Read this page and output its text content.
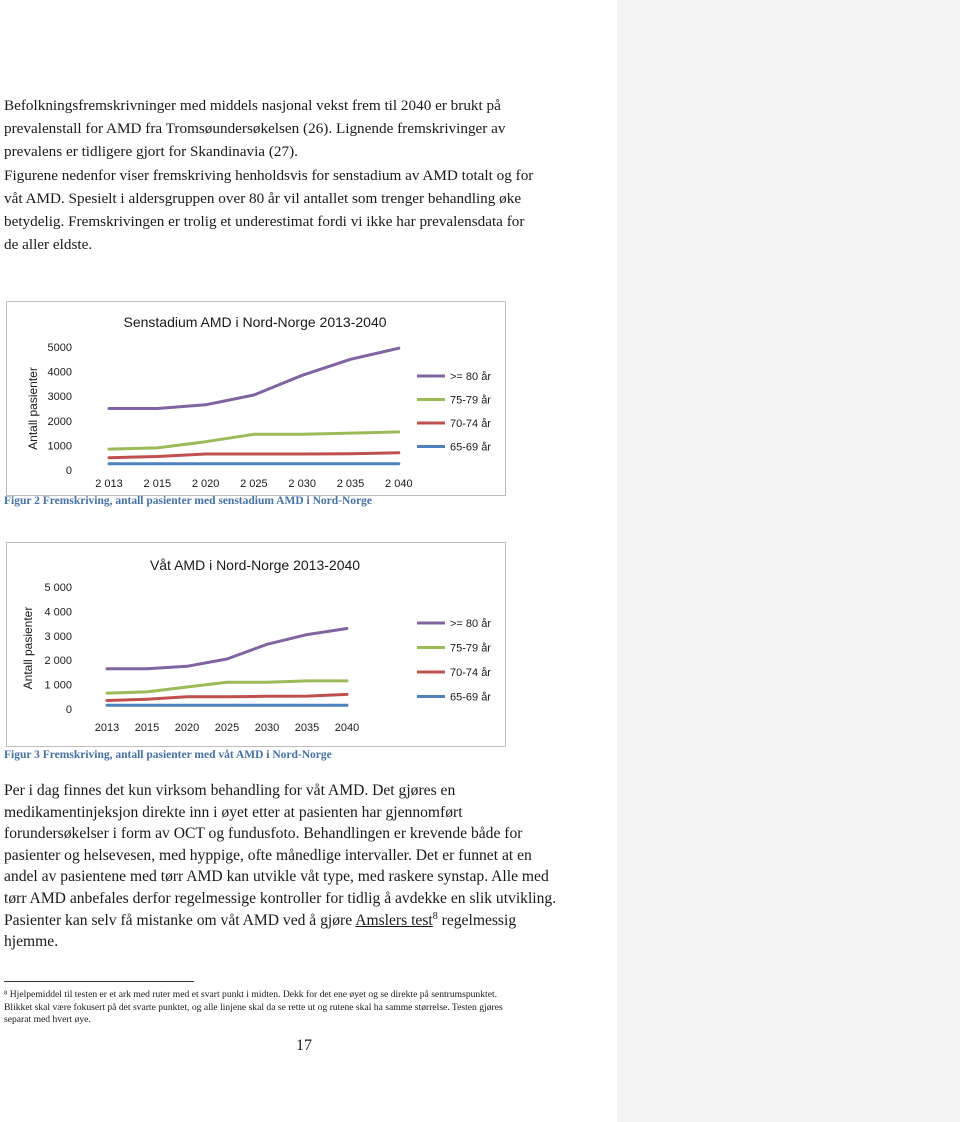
Befolkningsfremskrivninger med middels nasjonal vekst frem til 2040 er brukt på
prevalenstall for AMD fra Tromsøundersøkelsen (26). Lignende fremskrivinger av
prevalens er tidligere gjort for Skandinavia (27).
Figurene nedenfor viser fremskriving henholdsvis for senstadium av AMD totalt og for
våt AMD. Spesielt i aldersgruppen over 80 år vil antallet som trenger behandling øke
betydelig. Fremskrivingen er trolig et underestimat fordi vi ikke har prevalensdata for
de aller eldste.
Senstadium AMD i Nord-Norge 2013-2040
Antall pasienter
0
1000
2000
3000
4000
5000
2 013 2 015 2 020 2 025 2 030 2 035 2 040
>= 80 år
75-79 år
70-74 år
65-69 år
Figur 2 Fremskriving, antall pasienter med senstadium AMD i Nord-Norge
Våt AMD i Nord-Norge 2013-2040
Antall pasienter
0
1 000
2 000
3 000
4 000
5 000
2013 2015 2020 2025 2030 2035 2040
>= 80 år
75-79 år
70-74 år
65-69 år
Figur 3 Fremskriving, antall pasienter med våt AMD i Nord-Norge
Per i dag finnes det kun virksom behandling for våt AMD. Det gjøres en
medikamentinjeksjon direkte inn i øyet etter at pasienten har gjennomført
forundersøkelser i form av OCT og fundusfoto. Behandlingen er krevende både for
pasienter og helsevesen, med hyppige, ofte månedlige intervaller. Det er funnet at en
andel av pasientene med tørr AMD kan utvikle våt type, med raskere synstap. Alle med
tørr AMD anbefales derfor regelmessige kontroller for tidlig å avdekke en slik utvikling.
Pasienter kan selv få mistanke om våt AMD ved å gjøre Amslers test$^8$ regelmessig
hjemme.
⁸ Hjelpemiddel til testen er et ark med ruter med et svart punkt i midten. Dekk for det ene øyet og se direkte på sentrumspunktet.
Blikket skal være fokusert på det svarte punktet, og alle linjene skal da se rette ut og rutene skal ha samme størrelse. Testen gjøres
separat med hvert øye.
17
